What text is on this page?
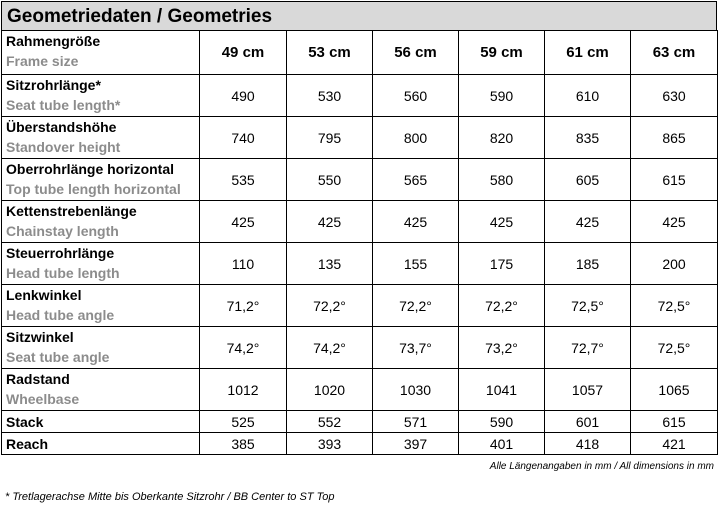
Geometriedaten / Geometries
Rahmengröße
Frame size	49 cm	53 cm	56 cm	59 cm	61 cm	63 cm

Sitzrohrlänge*
Seat tube length*	490	530	560	590	610	630

Überstandshöhe
Standover height	740	795	800	820	835	865

Oberrohrlänge horizontal
Top tube length horizontal	535	550	565	580	605	615

Kettenstrebenlänge
Chainstay length	425	425	425	425	425	425

Steuerrohrlänge
Head tube length	110	135	155	175	185	200

Lenkwinkel
Head tube angle	71,2°	72,2°	72,2°	72,2°	72,5°	72,5°

Sitzwinkel
Seat tube angle	74,2°	74,2°	73,7°	73,2°	72,7°	72,5°

Radstand
Wheelbase	1012	1020	1030	1041	1057	1065

Stack	525	552	571	590	601	615

Reach	385	393	397	401	418	421
Alle Längenangaben in mm / All dimensions in mm
* Tretlagerachse Mitte bis Oberkante Sitzrohr / BB Center to ST Top
